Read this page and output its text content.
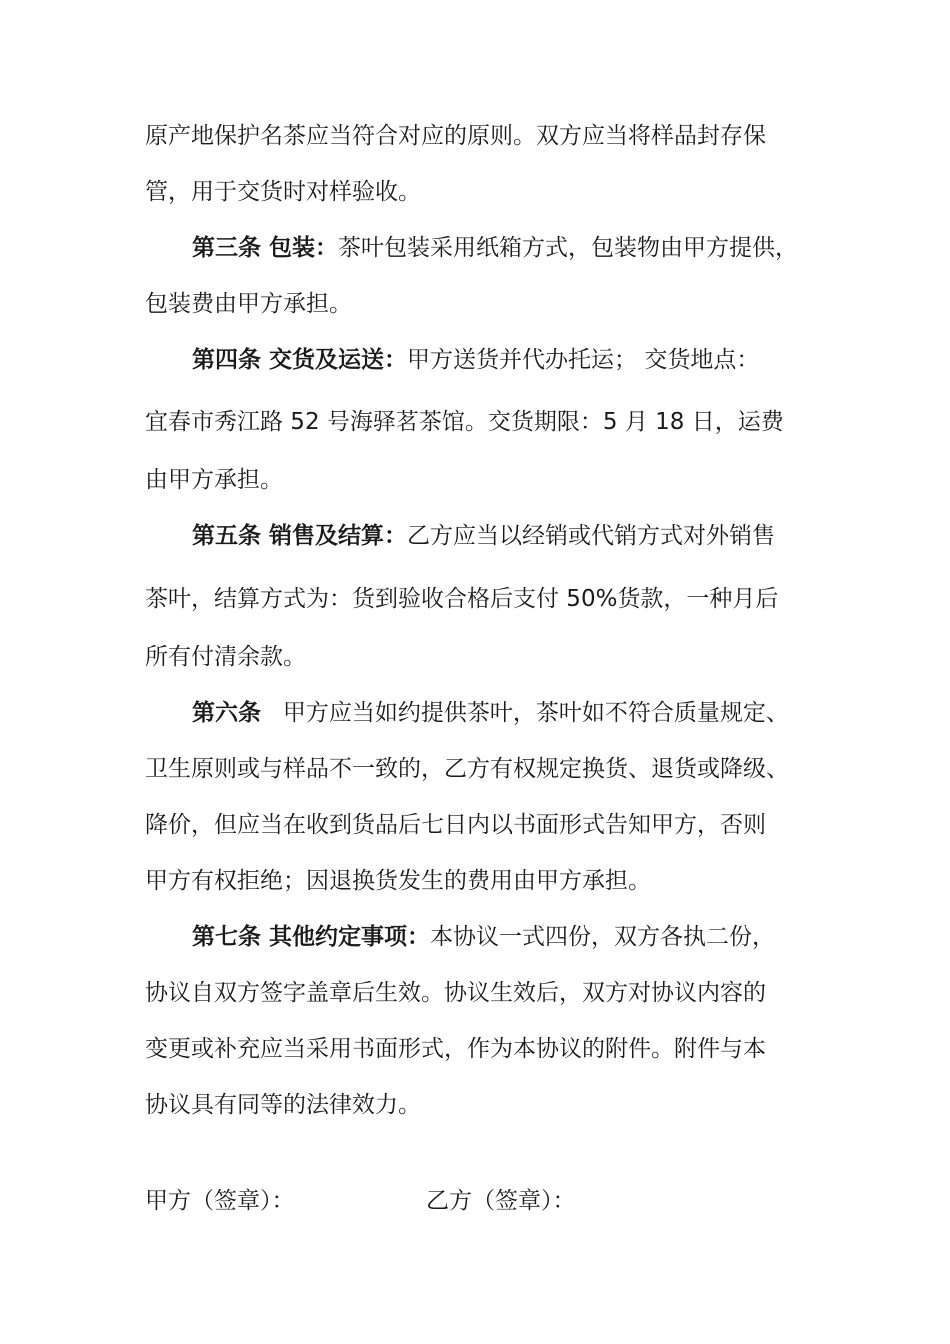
原产地保护名茶应当符合对应的原则。双方应当将样品封存保
管，用于交货时对样验收。
第三条 包装：茶叶包装采用纸箱方式，包装物由甲方提供，
包装费由甲方承担。
第四条 交货及运送：甲方送货并代办托运； 交货地点：
宜春市秀江路 52 号海驿茗茶馆。交货期限：5 月 18 日，运费
由甲方承担。
第五条 销售及结算：乙方应当以经销或代销方式对外销售
茶叶，结算方式为：货到验收合格后支付 50%货款，一种月后
所有付清余款。
第六条   甲方应当如约提供茶叶，茶叶如不符合质量规定、
卫生原则或与样品不一致的，乙方有权规定换货、退货或降级、
降价，但应当在收到货品后七日内以书面形式告知甲方，否则
甲方有权拒绝；因退换货发生的费用由甲方承担。
第七条 其他约定事项：本协议一式四份，双方各执二份，
协议自双方签字盖章后生效。协议生效后，双方对协议内容的
变更或补充应当采用书面形式，作为本协议的附件。附件与本
协议具有同等的法律效力。
甲方（签章）：	乙方（签章）：
